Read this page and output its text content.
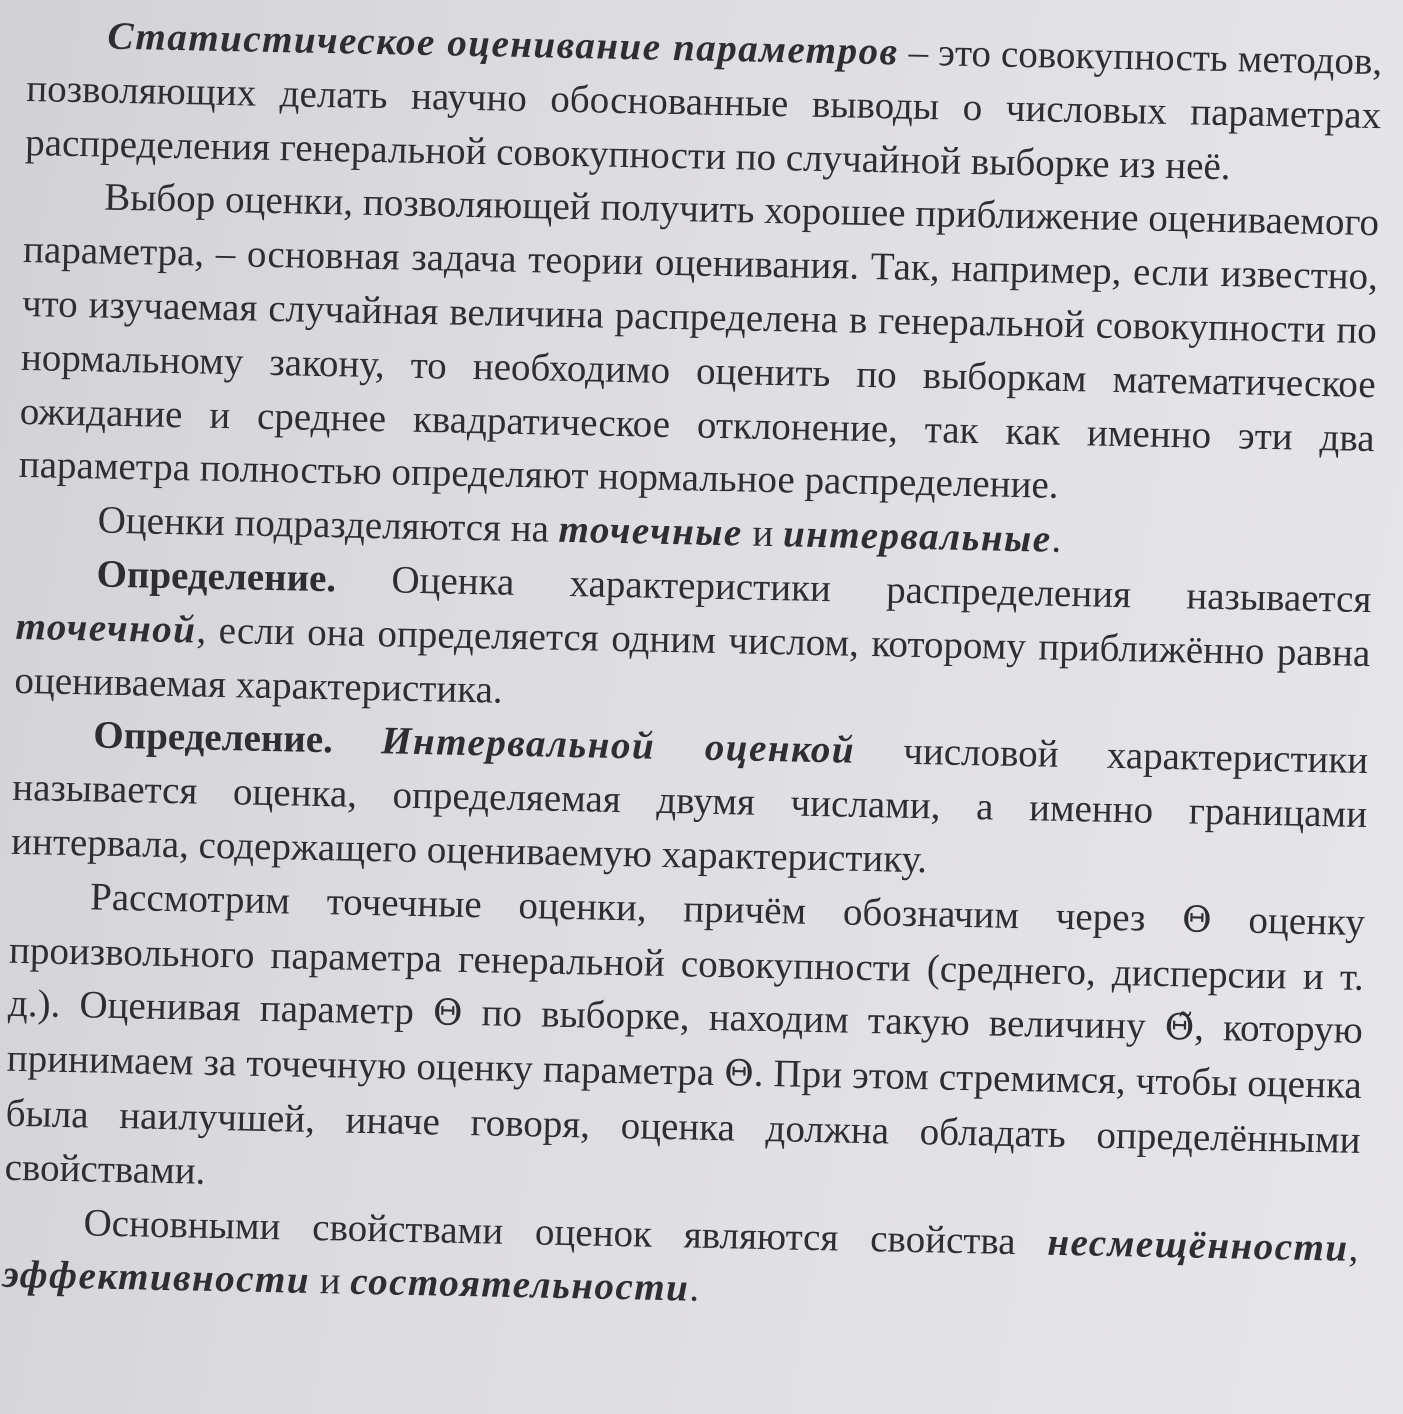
Статистическое оценивание параметров – это совокупность методов, позволяющих делать научно обоснованные выводы о числовых параметрах распределения генеральной совокупности по случайной выборке из неё.

Выбор оценки, позволяющей получить хорошее приближение оцениваемого параметра, – основная задача теории оценивания. Так, например, если известно, что изучаемая случайная величина распределена в генеральной совокупности по нормальному закону, то необходимо оценить по выборкам математическое ожидание и среднее квадратическое отклонение, так как именно эти два параметра полностью определяют нормальное распределение.

Оценки подразделяются на точечные и интервальные.

Определение. Оценка характеристики распределения называется точечной, если она определяется одним числом, которому приближённо равна оцениваемая характеристика.

Определение. Интервальной оценкой числовой характеристики называется оценка, определяемая двумя числами, а именно границами интервала, содержащего оцениваемую характеристику.

Рассмотрим точечные оценки, причём обозначим через Θ оценку произвольного параметра генеральной совокупности (среднего, дисперсии и т. д.). Оценивая параметр Θ по выборке, находим такую величину Θ̃, которую принимаем за точечную оценку параметра Θ. При этом стремимся, чтобы оценка была наилучшей, иначе говоря, оценка должна обладать определёнными свойствами.

Основными свойствами оценок являются свойства несмещённости, эффективности и состоятельности.
